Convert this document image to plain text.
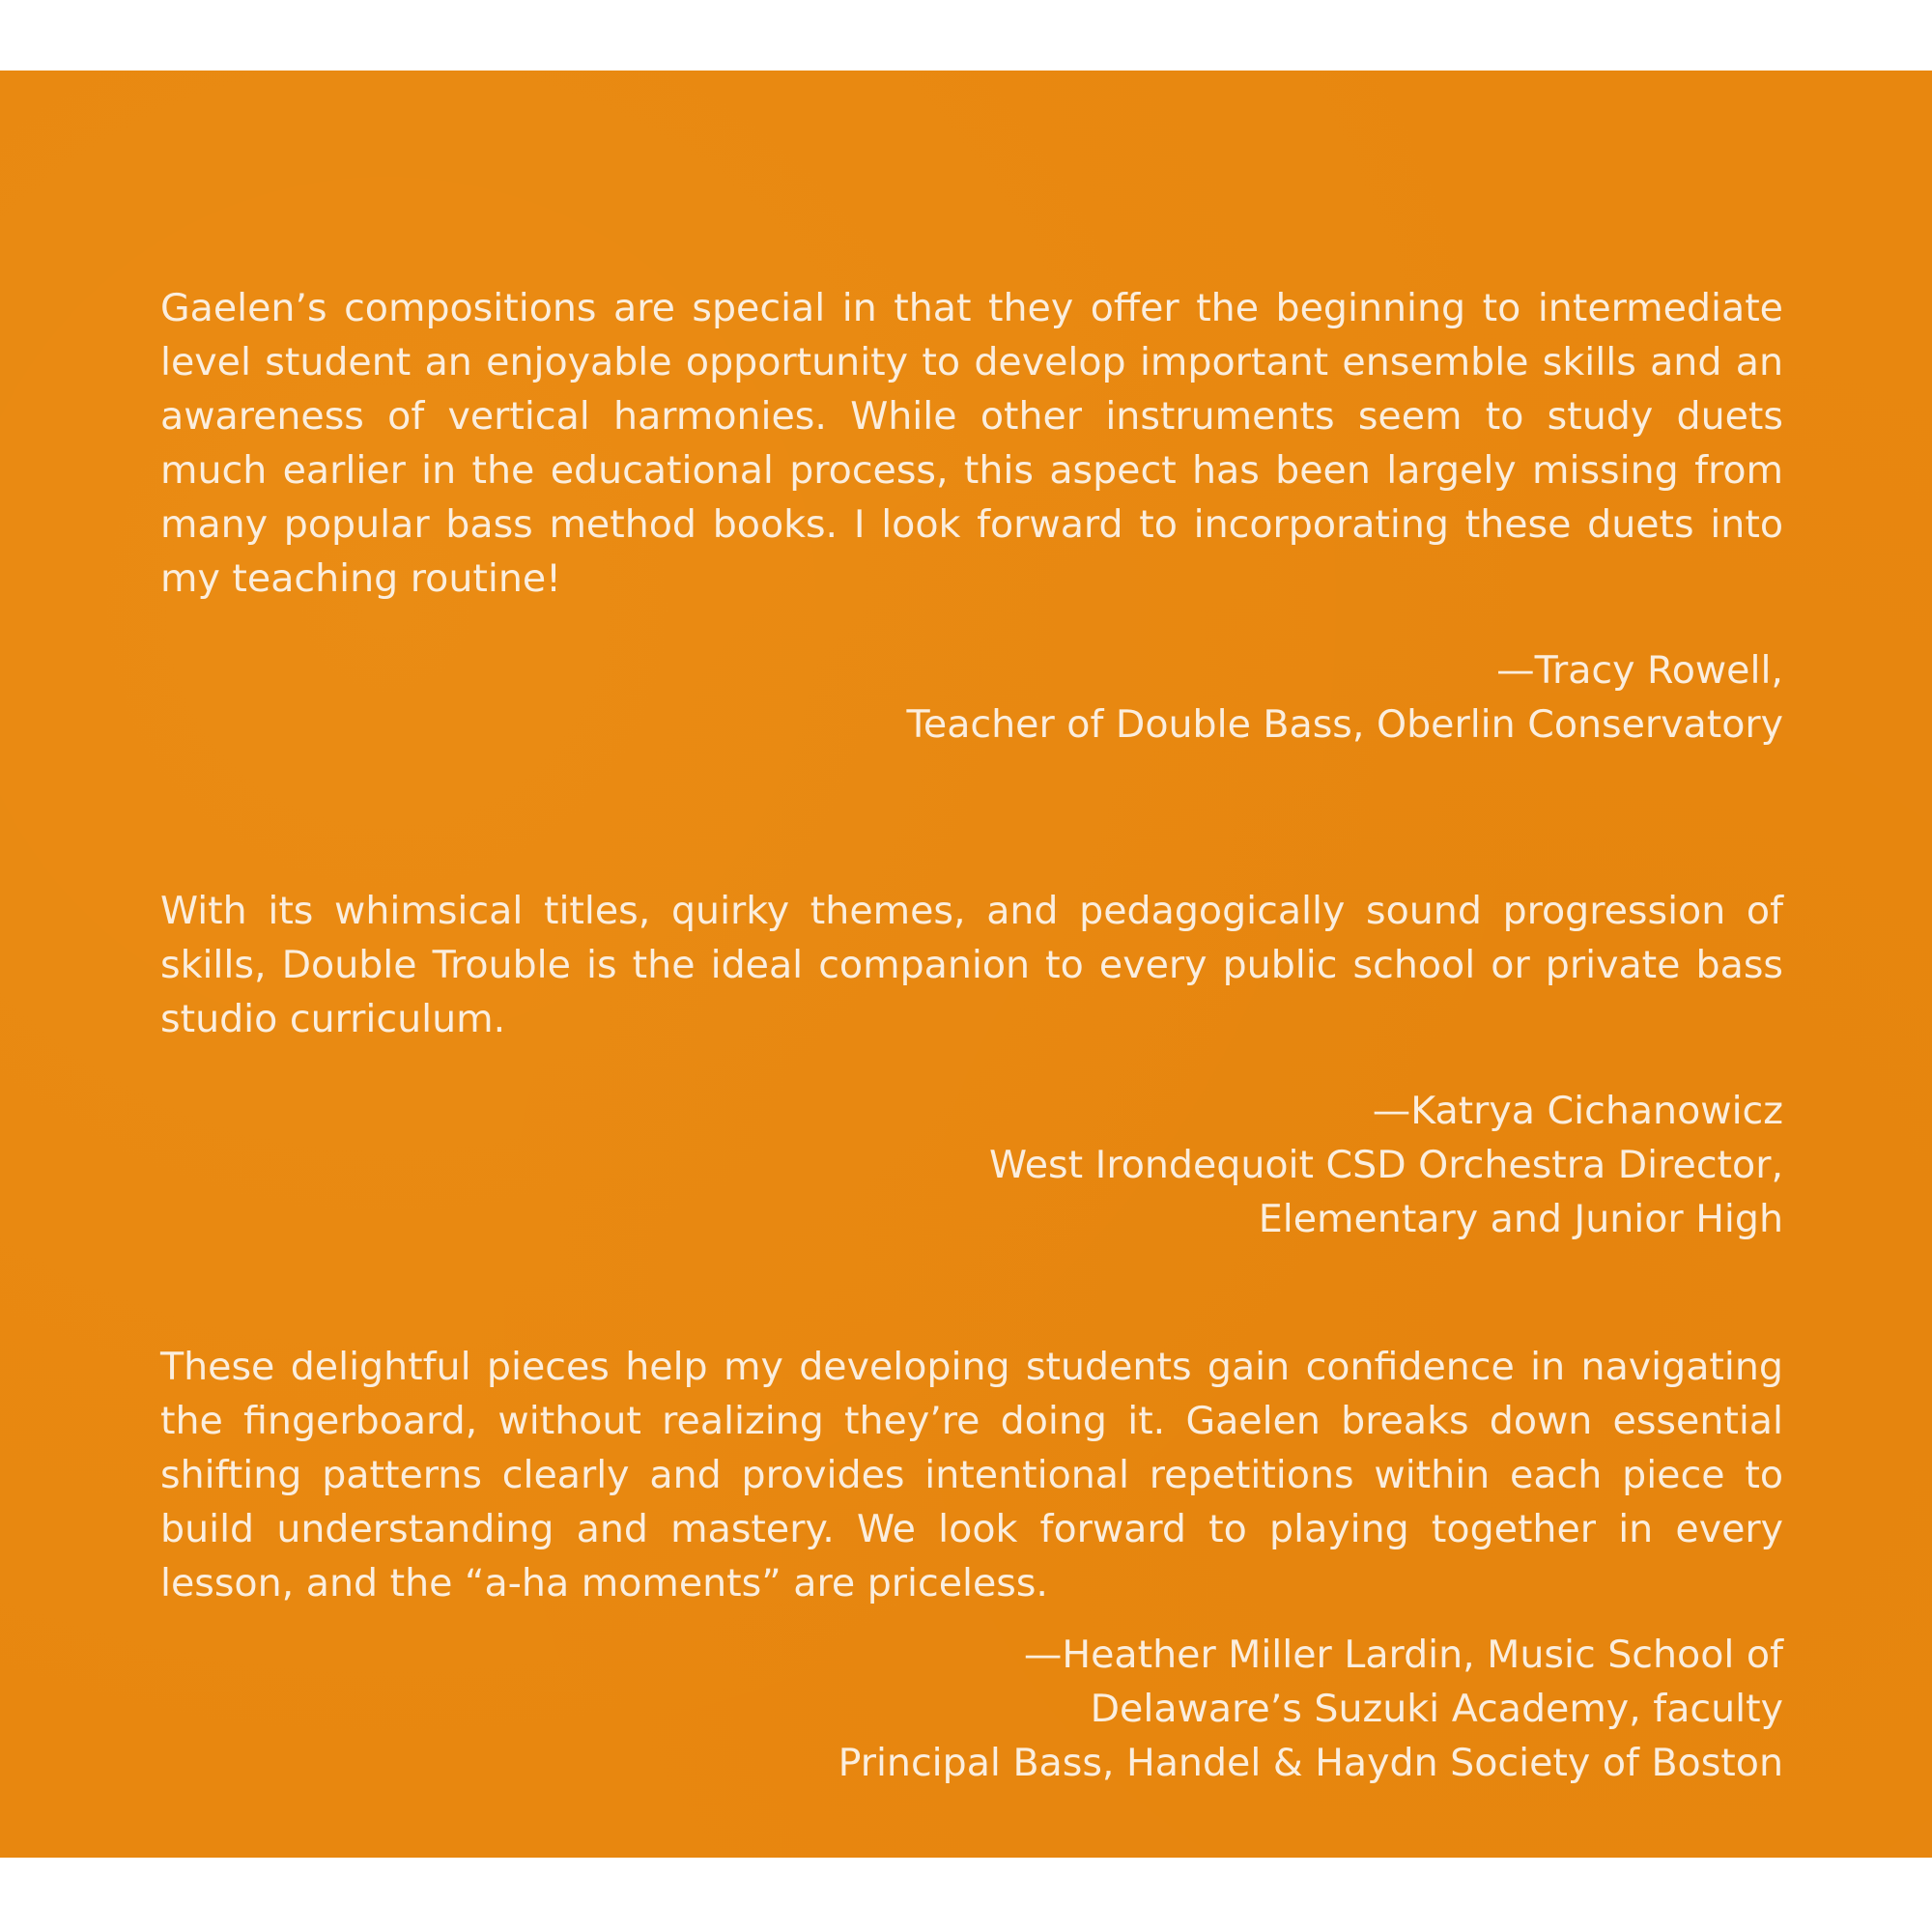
Gaelen’s compositions are special in that they offer the beginning to intermediate level student an enjoyable opportunity to develop important ensemble skills and an awareness of vertical harmonies. While other instruments seem to study duets much earlier in the educational process, this aspect has been largely missing from many popular bass method books. I look forward to incorporating these duets into my teaching routine!
—Tracy Rowell,
Teacher of Double Bass, Oberlin Conservatory
With its whimsical titles, quirky themes, and pedagogically sound progression of skills, Double Trouble is the ideal companion to every public school or private bass studio curriculum.
—Katrya Cichanowicz
West Irondequoit CSD Orchestra Director,
Elementary and Junior High
These delightful pieces help my developing students gain confidence in navigating the fingerboard, without realizing they’re doing it. Gaelen breaks down essential shifting patterns clearly and provides intentional repetitions within each piece to build understanding and mastery. We look forward to playing together in every lesson, and the “a-ha moments” are priceless.
—Heather Miller Lardin, Music School of
Delaware’s Suzuki Academy, faculty
Principal Bass, Handel & Haydn Society of Boston
